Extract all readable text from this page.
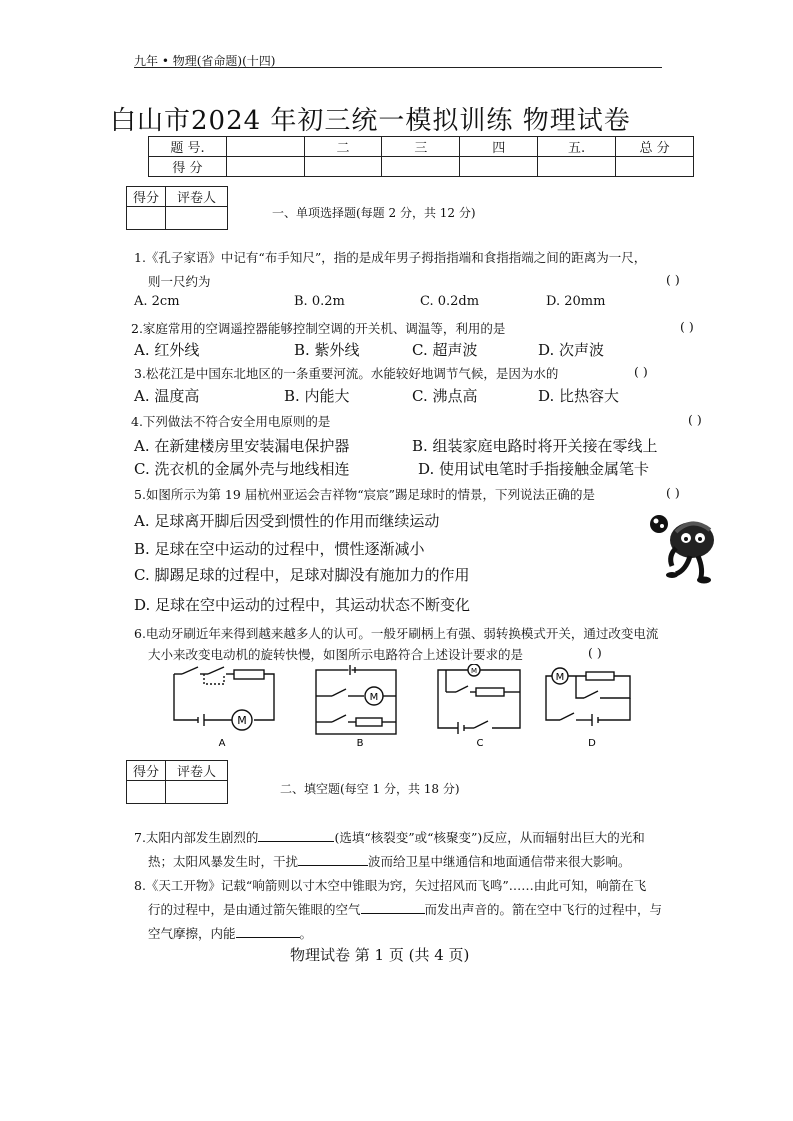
九年 • 物理(省命题)(十四)
白山市2024 年初三统一模拟训练 物理试卷
题 号.		二	三	四	五.	总 分
得 分						
得分	评卷人

一、单项选择题(每题 2 分，共 12 分)
1.《孔子家语》中记有“布手知尺”，指的是成年男子拇指指端和食指指端之间的距离为一尺，
则一尺约为	( )
A. 2cm	B. 0.2m	C. 0.2dm	D. 20mm
2.家庭常用的空调遥控器能够控制空调的开关机、调温等，利用的是	( )
A. 红外线	B. 紫外线	C. 超声波	D. 次声波
3.松花江是中国东北地区的一条重要河流。水能较好地调节气候，是因为水的	( )
A. 温度高	B. 内能大	C. 沸点高	D. 比热容大
4.下列做法不符合安全用电原则的是	( )
A. 在新建楼房里安装漏电保护器	B. 组装家庭电路时将开关接在零线上
C. 洗衣机的金属外壳与地线相连	D. 使用试电笔时手指接触金属笔卡
5.如图所示为第 19 届杭州亚运会吉祥物“宸宸”踢足球时的情景，下列说法正确的是	( )
A. 足球离开脚后因受到惯性的作用而继续运动
B. 足球在空中运动的过程中，惯性逐渐减小
C. 脚踢足球的过程中，足球对脚没有施加力的作用
D. 足球在空中运动的过程中，其运动状态不断变化
6.电动牙刷近年来得到越来越多人的认可。一般牙刷柄上有强、弱转换模式开关，通过改变电流
大小来改变电动机的旋转快慢，如图所示电路符合上述设计要求的是	( )
M
A
M
B
M
C
M
D
得分	评卷人

二、填空题(每空 1 分，共 18 分)
7.太阳内部发生剧烈的	(选填“核裂变”或“核聚变”)反应，从而辐射出巨大的光和
热；太阳风暴发生时，干扰	波而给卫星中继通信和地面通信带来很大影响。
8.《天工开物》记载“响箭则以寸木空中锥眼为窍，矢过招风而飞鸣”……由此可知，响箭在飞
行的过程中，是由通过箭矢锥眼的空气	而发出声音的。箭在空中飞行的过程中，与
空气摩擦，内能	。
物理试卷 第 1 页 (共 4 页)
